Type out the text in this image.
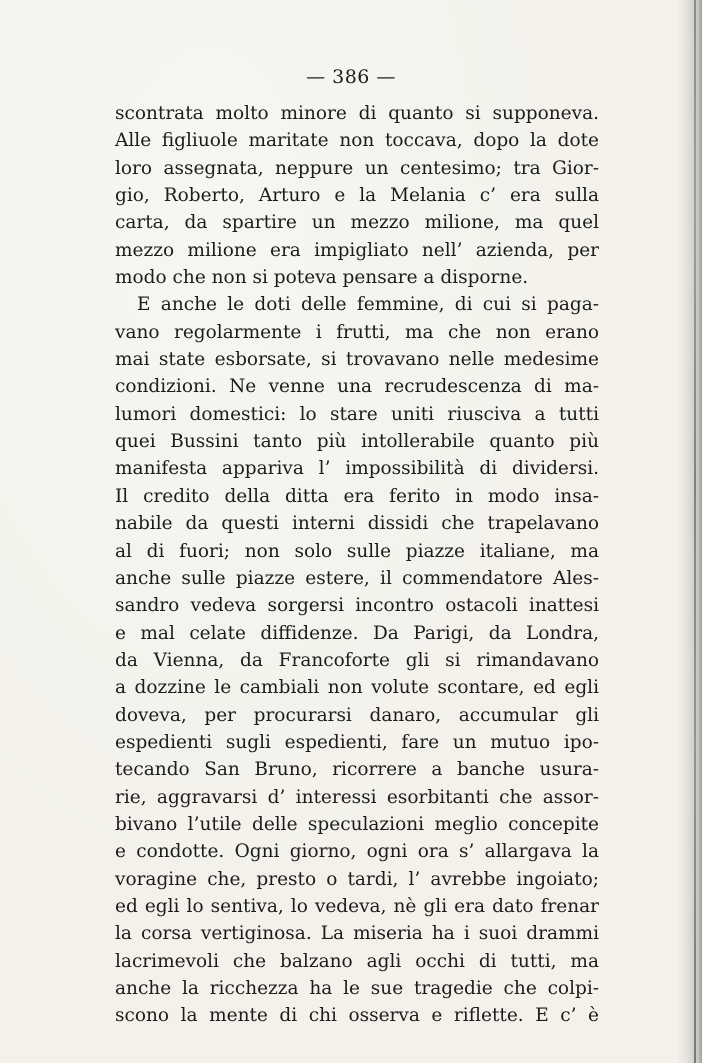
— 386 —
scontrata molto minore di quanto si supponeva.
Alle figliuole maritate non toccava, dopo la dote
loro assegnata, neppure un centesimo; tra Gior-
gio, Roberto, Arturo e la Melania c’ era sulla
carta, da spartire un mezzo milione, ma quel
mezzo milione era impigliato nell’ azienda, per
modo che non si poteva pensare a disporne.
E anche le doti delle femmine, di cui si paga-
vano regolarmente i frutti, ma che non erano
mai state esborsate, si trovavano nelle medesime
condizioni. Ne venne una recrudescenza di ma-
lumori domestici: lo stare uniti riusciva a tutti
quei Bussini tanto più intollerabile quanto più
manifesta appariva l’ impossibilità di dividersi.
Il credito della ditta era ferito in modo insa-
nabile da questi interni dissidi che trapelavano
al di fuori; non solo sulle piazze italiane, ma
anche sulle piazze estere, il commendatore Ales-
sandro vedeva sorgersi incontro ostacoli inattesi
e mal celate diffidenze. Da Parigi, da Londra,
da Vienna, da Francoforte gli si rimandavano
a dozzine le cambiali non volute scontare, ed egli
doveva, per procurarsi danaro, accumular gli
espedienti sugli espedienti, fare un mutuo ipo-
tecando San Bruno, ricorrere a banche usura-
rie, aggravarsi d’ interessi esorbitanti che assor-
bivano l’utile delle speculazioni meglio concepite
e condotte. Ogni giorno, ogni ora s’ allargava la
voragine che, presto o tardi, l’ avrebbe ingoiato;
ed egli lo sentiva, lo vedeva, nè gli era dato frenar
la corsa vertiginosa. La miseria ha i suoi drammi
lacrimevoli che balzano agli occhi di tutti, ma
anche la ricchezza ha le sue tragedie che colpi-
scono la mente di chi osserva e riflette. E c’ è
